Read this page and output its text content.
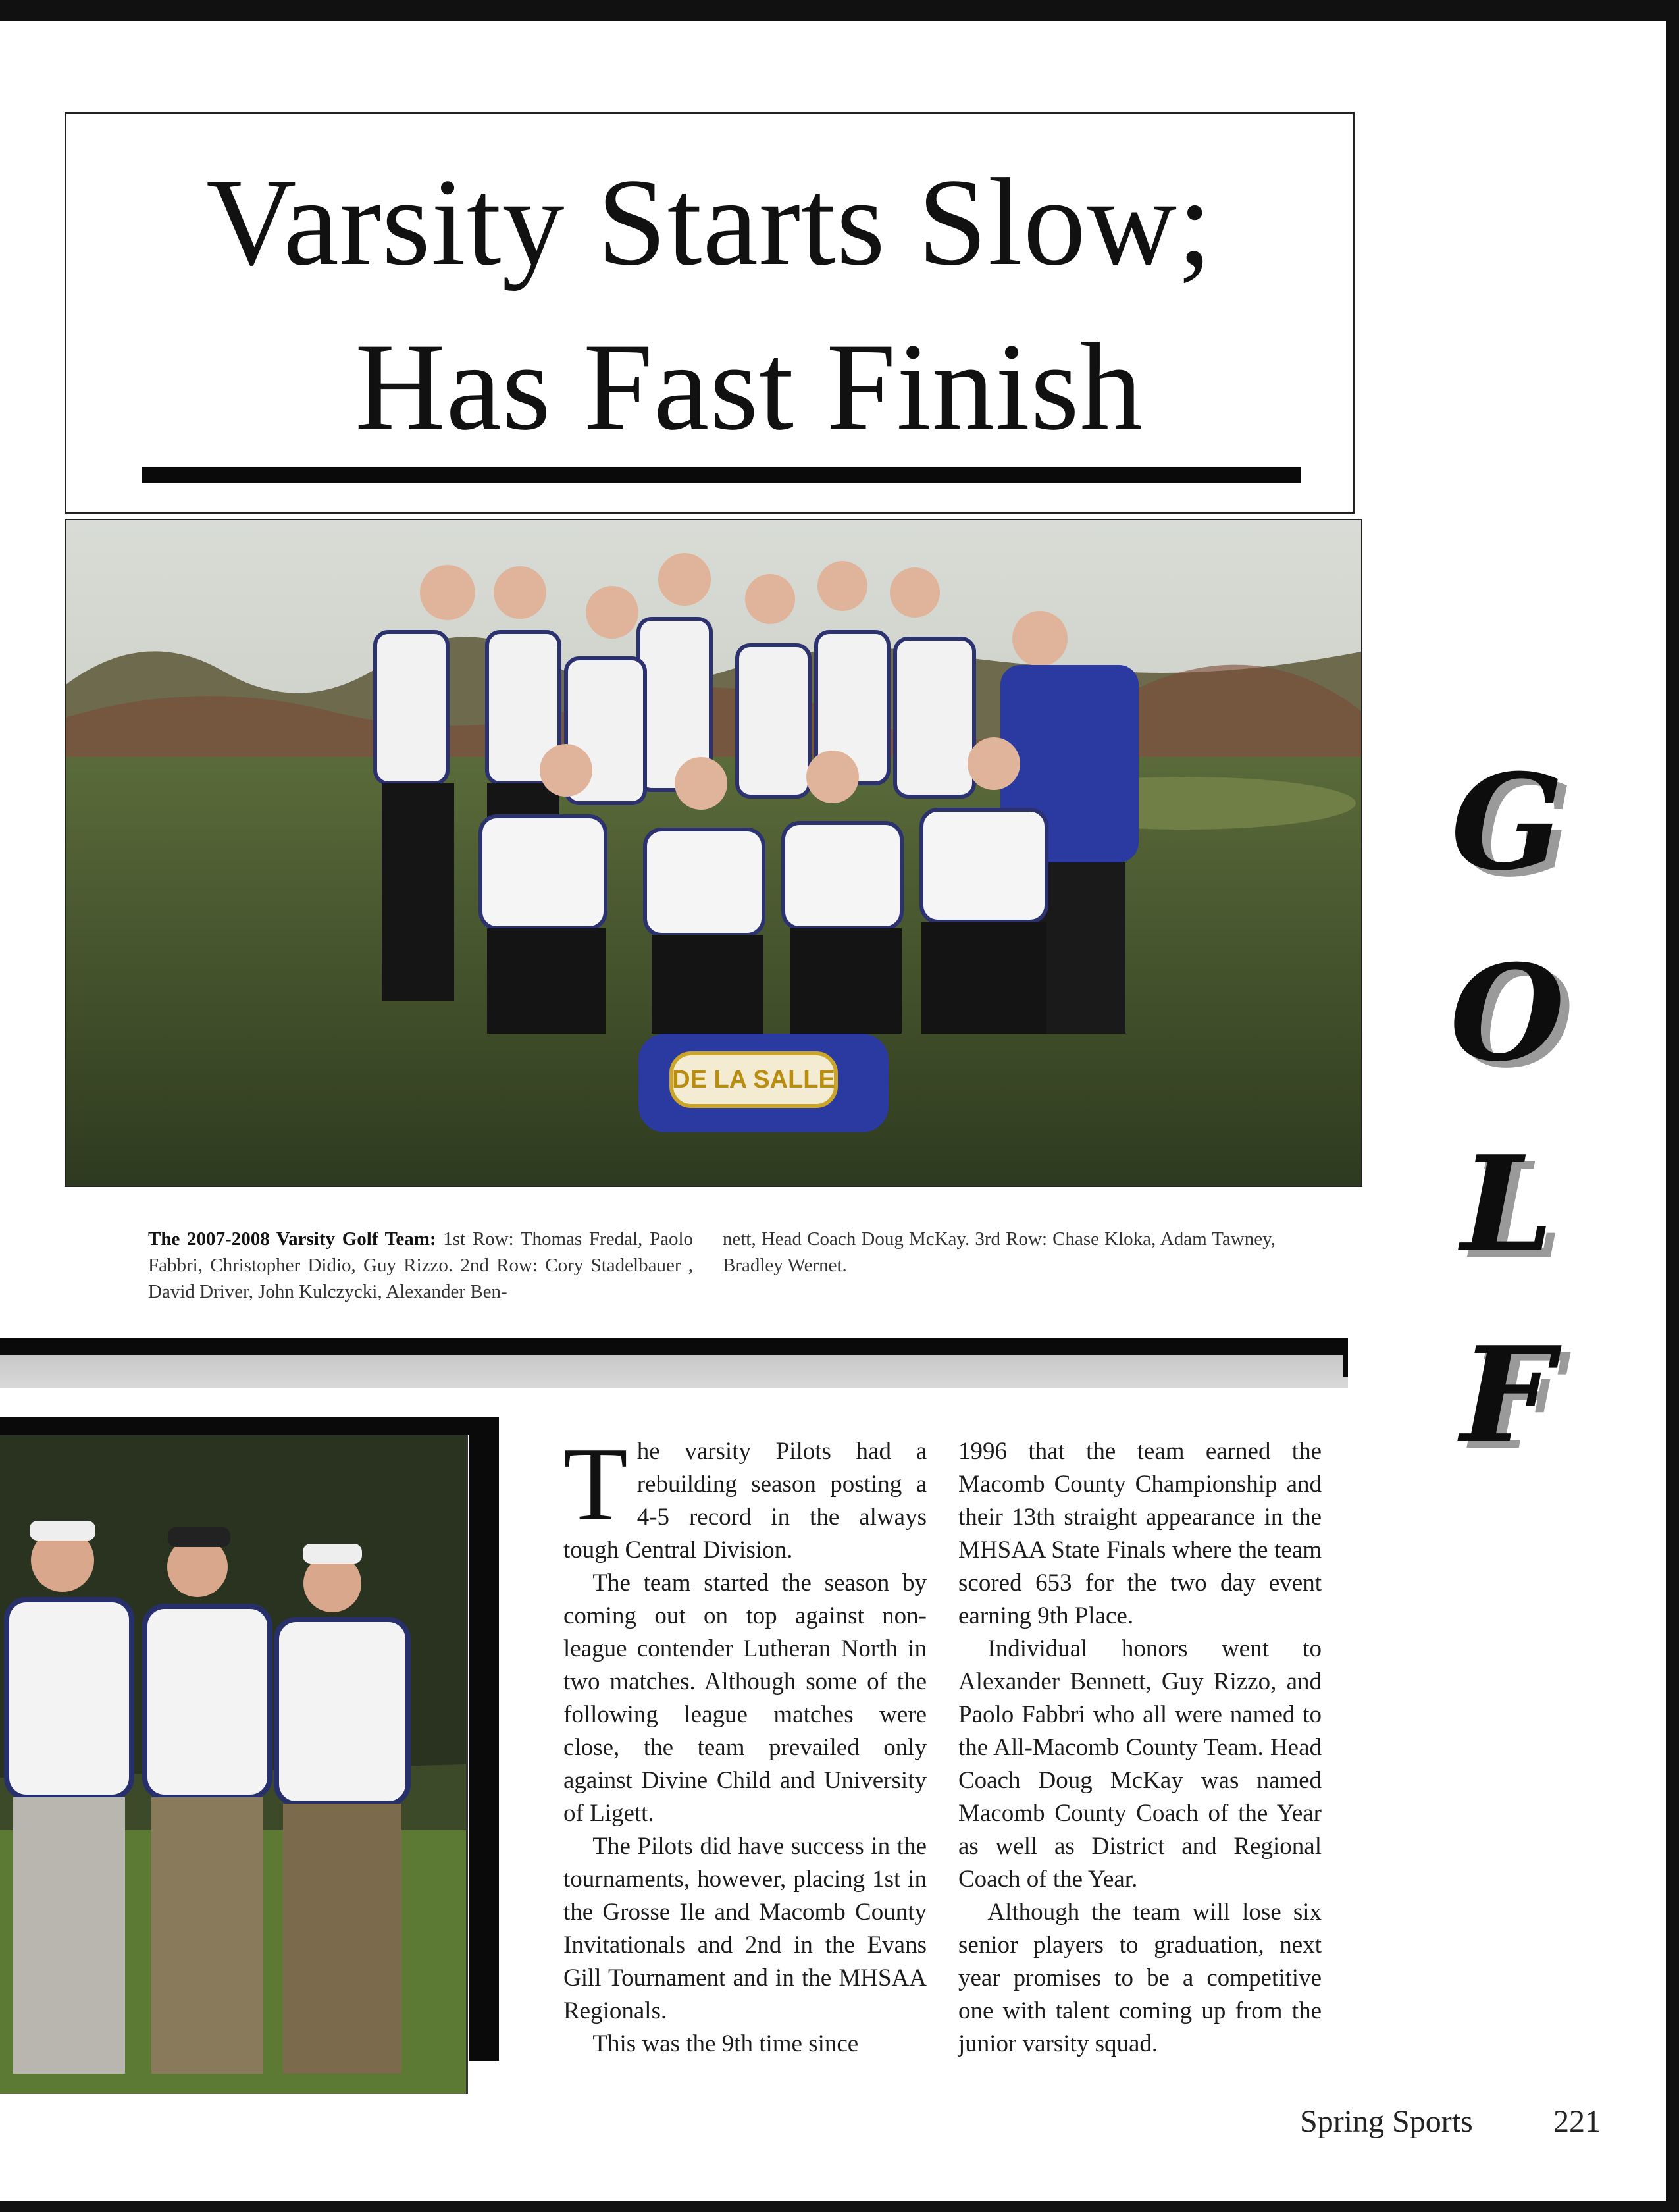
Varsity Starts Slow;
Has Fast Finish
DE LA SALLE
The 2007-2008 Varsity Golf Team: 1st Row: Thomas Fredal, Paolo Fabbri, Christopher Didio, Guy Rizzo. 2nd Row: Cory Stadelbauer , David Driver, John Kulczycki, Alexander Ben-
nett, Head Coach Doug McKay. 3rd Row: Chase Kloka, Adam Tawney, Bradley Wernet.
G
O
L
F

The varsity Pilots had a rebuilding season posting a 4-5 record in the always tough Central Division.

The team started the season by coming out on top against non-league contender Lutheran North in two matches. Although some of the following league matches were close, the team prevailed only against Divine Child and University of Ligett.

The Pilots did have success in the tournaments, however, placing 1st in the Grosse Ile and Macomb County Invitationals and 2nd in the Evans Gill Tournament and in the MHSAA Regionals.

This was the 9th time since

1996 that the team earned the Macomb County Championship and their 13th straight appearance in the MHSAA State Finals where the team scored 653 for the two day event earning 9th Place.

Individual honors went to Alexander Bennett, Guy Rizzo, and Paolo Fabbri who all were named to the All-Macomb County Team. Head Coach Doug McKay was named Macomb County Coach of the Year as well as District and Regional Coach of the Year.

Although the team will lose six senior players to graduation, next year promises to be a competitive one with talent coming up from the junior varsity squad.

Spring Sports	221
